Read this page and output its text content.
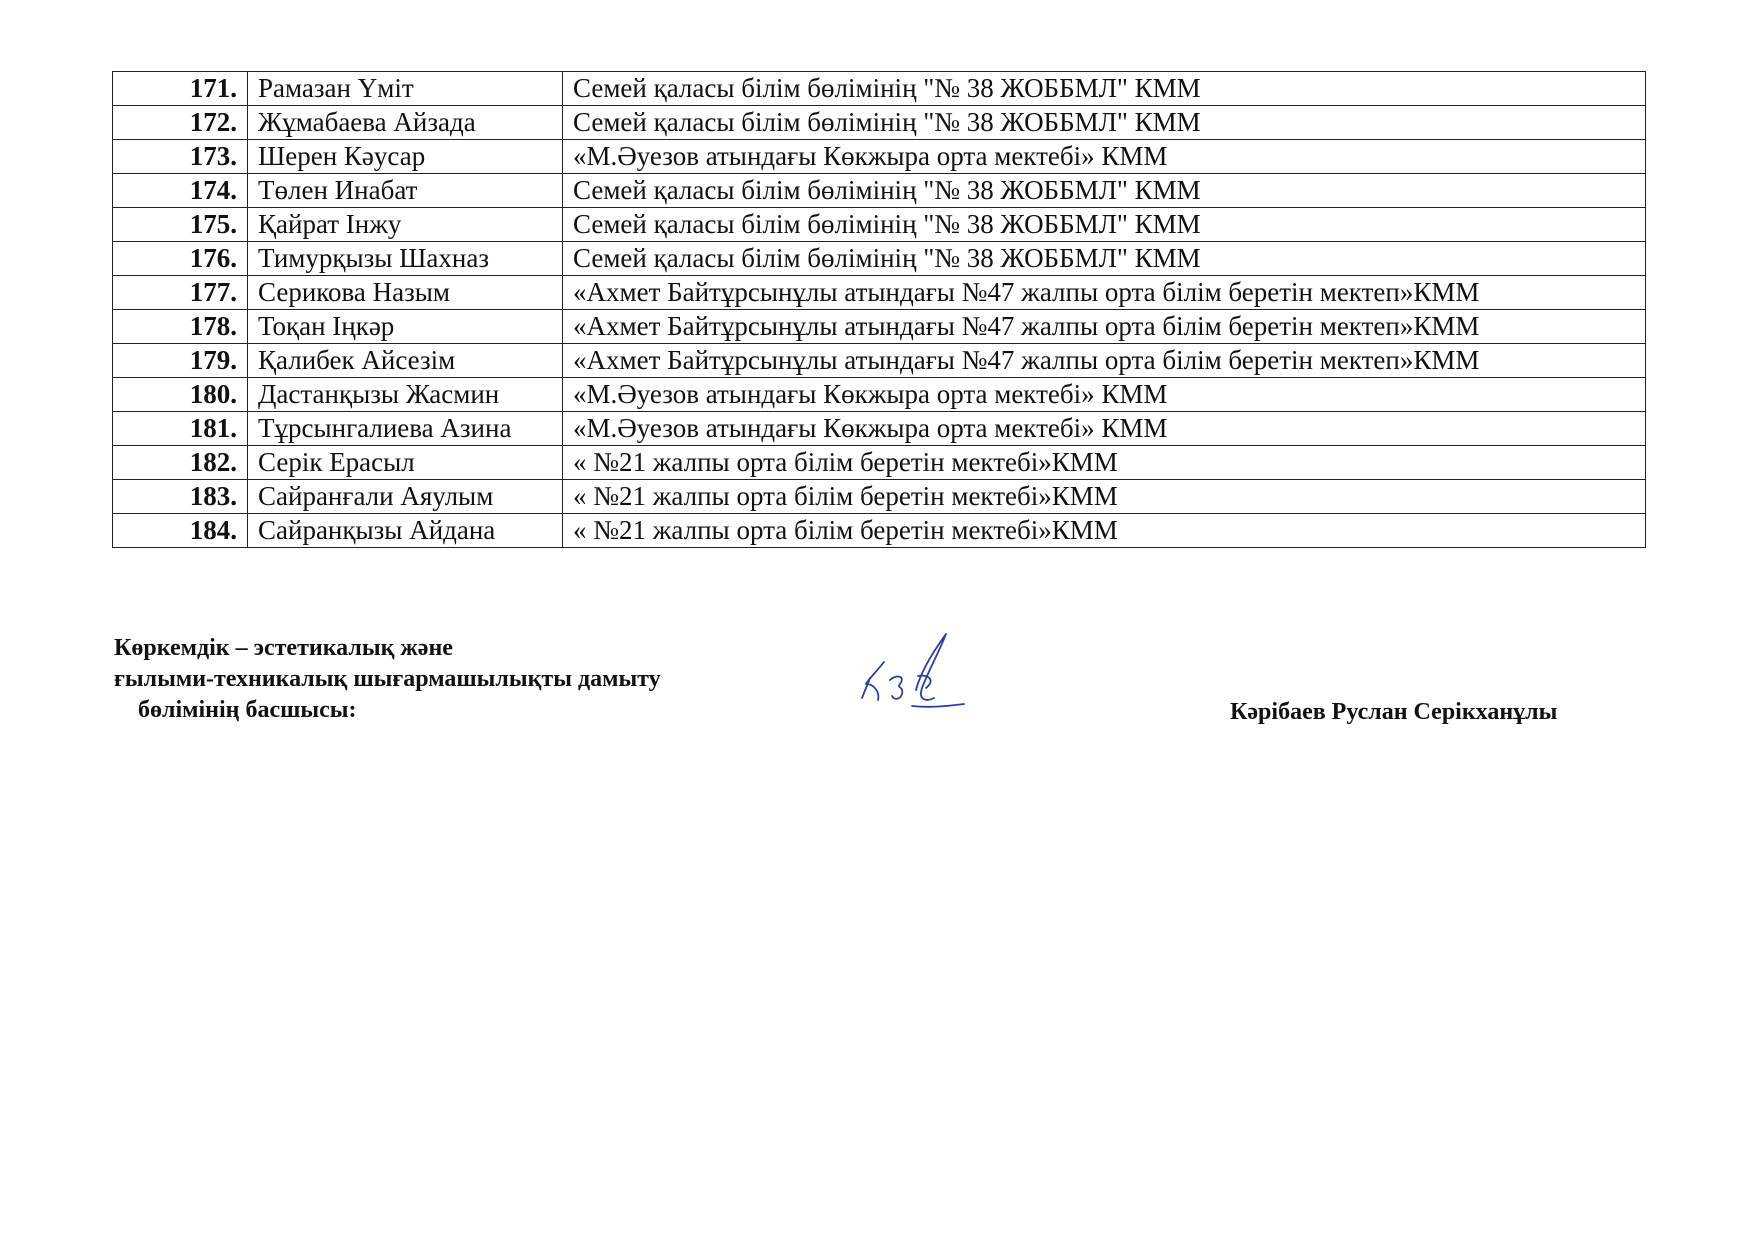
171.	Рамазан Үміт	Семей қаласы білім бөлімінің "№ 38 ЖОББМЛ" КММ
172.	Жұмабаева Айзада	Семей қаласы білім бөлімінің "№ 38 ЖОББМЛ" КММ
173.	Шерен Кәусар	«М.Әуезов атындағы Көкжыра орта мектебі» КММ
174.	Төлен Инабат	Семей қаласы білім бөлімінің "№ 38 ЖОББМЛ" КММ
175.	Қайрат Інжу	Семей қаласы білім бөлімінің "№ 38 ЖОББМЛ" КММ
176.	Тимурқызы Шахназ	Семей қаласы білім бөлімінің "№ 38 ЖОББМЛ" КММ
177.	Серикова Назым	«Ахмет Байтұрсынұлы атындағы №47 жалпы орта білім беретін мектеп»КММ
178.	Тоқан Іңкәр	«Ахмет Байтұрсынұлы атындағы №47 жалпы орта білім беретін мектеп»КММ
179.	Қалибек Айсезім	«Ахмет Байтұрсынұлы атындағы №47 жалпы орта білім беретін мектеп»КММ
180.	Дастанқызы Жасмин	«М.Әуезов атындағы Көкжыра орта мектебі» КММ
181.	Тұрсынгалиева Азина	«М.Әуезов атындағы Көкжыра орта мектебі» КММ
182.	Серік Ерасыл	« №21 жалпы орта білім беретін мектебі»КММ
183.	Сайранғали Аяулым	« №21 жалпы орта білім беретін мектебі»КММ
184.	Сайранқызы Айдана	« №21 жалпы орта білім беретін мектебі»КММ
Көркемдік – эстетикалық және
ғылыми-техникалық шығармашылықты дамыту
бөлімінің басшысы:	Кәрібаев Руслан Серікханұлы
